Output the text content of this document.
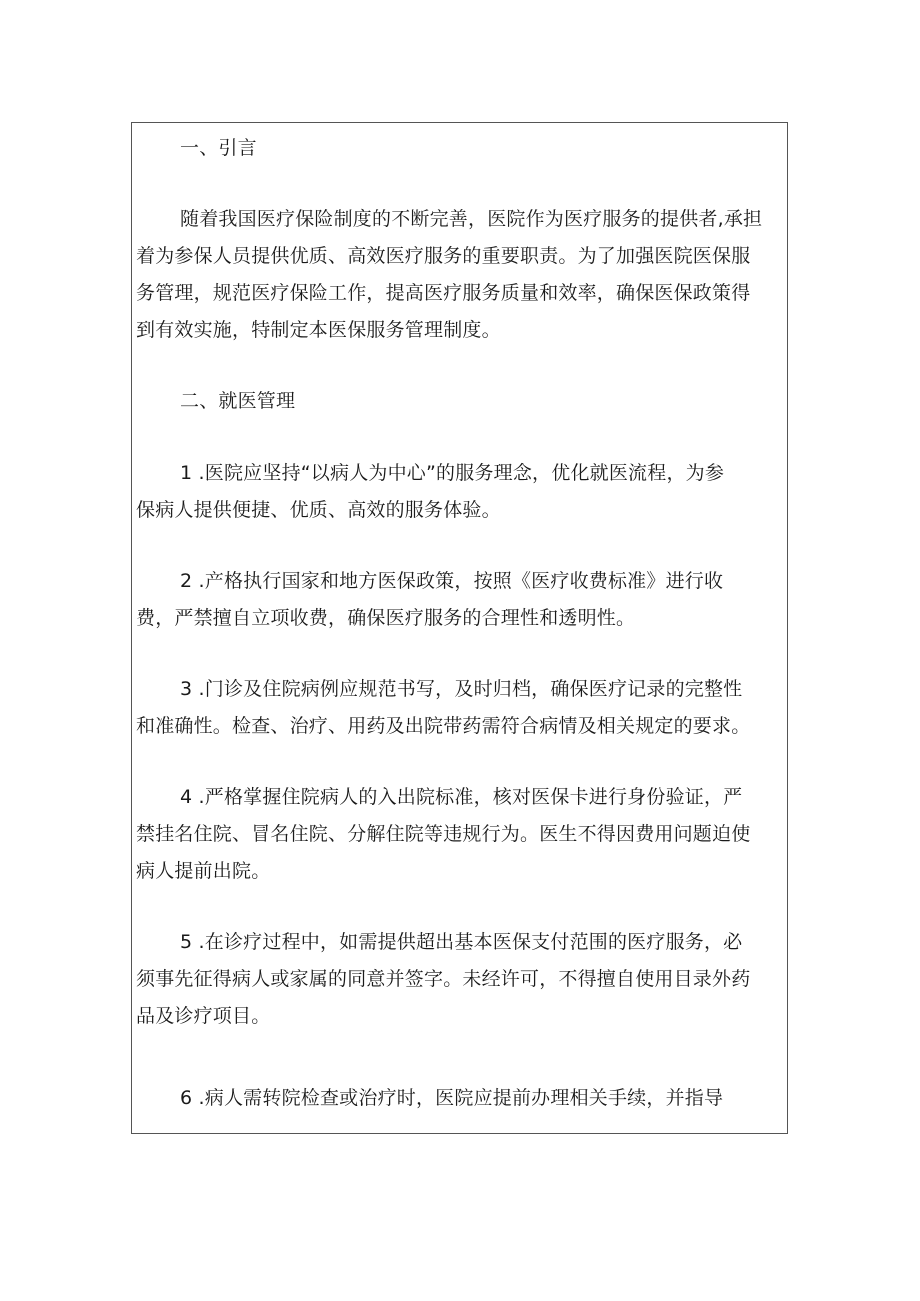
一、引言
随着我国医疗保险制度的不断完善，医院作为医疗服务的提供者,承担
着为参保人员提供优质、高效医疗服务的重要职责。为了加强医院医保服
务管理，规范医疗保险工作，提高医疗服务质量和效率，确保医保政策得
到有效实施，特制定本医保服务管理制度。
二、就医管理
1 .医院应坚持“以病人为中心”的服务理念，优化就医流程，为参
保病人提供便捷、优质、高效的服务体验。
2 .产格执行国家和地方医保政策，按照《医疗收费标准》进行收
费，严禁擅自立项收费，确保医疗服务的合理性和透明性。
3 .门诊及住院病例应规范书写，及时归档，确保医疗记录的完整性
和准确性。检查、治疗、用药及出院带药需符合病情及相关规定的要求。
4 .严格掌握住院病人的入出院标准，核对医保卡进行身份验证，严
禁挂名住院、冒名住院、分解住院等违规行为。医生不得因费用问题迫使
病人提前出院。
5 .在诊疗过程中，如需提供超出基本医保支付范围的医疗服务，必
须事先征得病人或家属的同意并签字。未经许可，不得擅自使用目录外药
品及诊疗项目。
6 .病人需转院检查或治疗时，医院应提前办理相关手续，并指导
